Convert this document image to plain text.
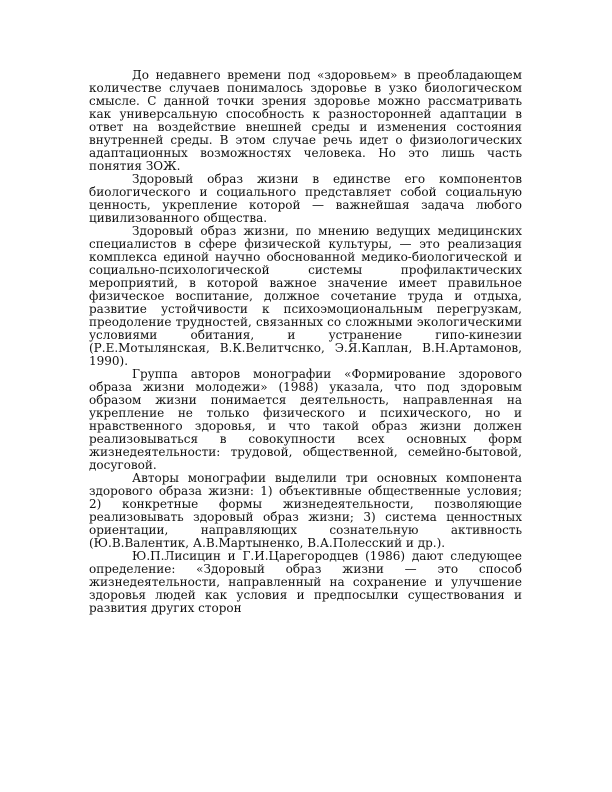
До недавнего времени под «здоровьем» в преобладающем количестве случаев понималось здоровье в узко биологическом смысле. С данной точки зрения здоровье можно рассматривать как универсальную способность к разносторонней адаптации в ответ на воздействие внешней среды и изменения состояния внутренней среды. В этом случае речь идет о физиологических адаптационных возможностях человека. Но это лишь часть понятия ЗОЖ.

Здоровый образ жизни в единстве его компонентов биологического и социального представляет собой социальную ценность, укрепление которой — важнейшая задача любого цивилизованного общества.

Здоровый образ жизни, по мнению ведущих медицинских специалистов в сфере физической культуры, — это реализация комплекса единой научно обоснованной медико-биологической и социально-психологической системы профилактических мероприятий, в которой важное значение имеет правильное физическое воспитание, должное сочетание труда и отдыха, развитие устойчивости к психоэмоциональным перегрузкам, преодоление трудностей, связанных со сложными экологическими условиями обитания, и устранение гипо-кинезии (Р.Е.Мотылянская, В.К.Велитчснко, Э.Я.Каплан, В.Н.Артамонов, 1990).

Группа авторов монографии «Формирование здорового образа жизни молодежи» (1988) указала, что под здоровым образом жизни понимается деятельность, направленная на укрепление не только физического и психического, но и нравственного здоровья, и что такой образ жизни должен реализовываться в совокупности всех основных форм жизнедеятельности: трудовой, общественной, семейно-бытовой, досуговой.

Авторы монографии выделили три основных компонента здорового образа жизни: 1) объективные общественные условия; 2) конкретные формы жизнедеятельности, позволяющие реализовывать здоровый образ жизни; 3) система ценностных ориентации, направляющих сознательную активность (Ю.В.Валентик, А.В.Мартыненко, В.А.Полесский и др.).

Ю.П.Лисицин и Г.И.Царегородцев (1986) дают следующее определение: «Здоровый образ жизни — это способ жизнедеятельности, направленный на сохранение и улучшение здоровья людей как условия и предпосылки существования и развития других сторон
